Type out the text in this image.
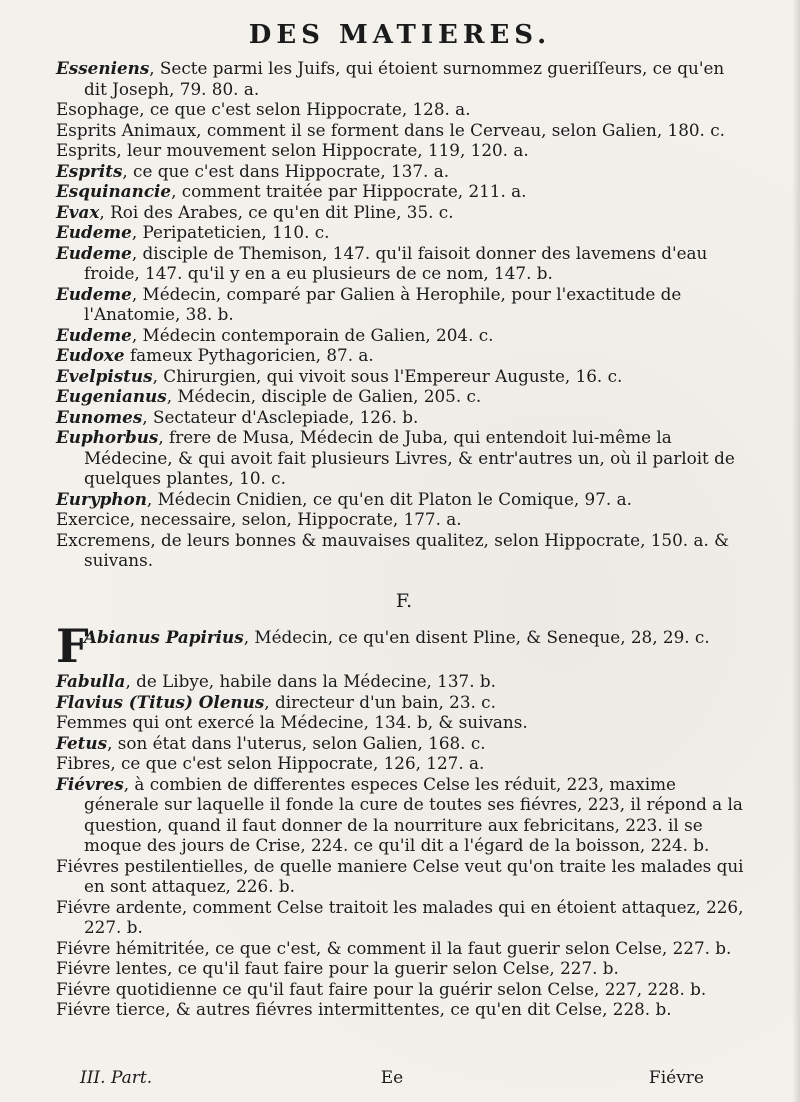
DES MATIERES.

Esseniens, Secte parmi les Juifs, qui étoient surnommez gueriſſeurs, ce qu'en dit Joseph, 79. 80. a.

Esophage, ce que c'est selon Hippocrate, 128. a.

Esprits Animaux, comment il se forment dans le Cerveau, selon Galien, 180. c.

Esprits, leur mouvement selon Hippocrate, 119, 120. a.

Esprits, ce que c'est dans Hippocrate, 137. a.

Esquinancie, comment traitée par Hippocrate, 211. a.

Evax, Roi des Arabes, ce qu'en dit Pline, 35. c.

Eudeme, Peripateticien, 110. c.

Eudeme, disciple de Themison, 147. qu'il faisoit donner des lavemens d'eau froide, 147. qu'il y en a eu plusieurs de ce nom, 147. b.

Eudeme, Médecin, comparé par Galien à Herophile, pour l'exactitude de l'Anatomie, 38. b.

Eudeme, Médecin contemporain de Galien, 204. c.

Eudoxe fameux Pythagoricien, 87. a.

Evelpistus, Chirurgien, qui vivoit sous l'Empereur Auguste, 16. c.

Eugenianus, Médecin, disciple de Galien, 205. c.

Eunomes, Sectateur d'Asclepiade, 126. b.

Euphorbus, frere de Musa, Médecin de Juba, qui entendoit lui-même la Médecine, & qui avoit fait plusieurs Livres, & entr'autres un, où il parloit de quelques plantes, 10. c.

Euryphon, Médecin Cnidien, ce qu'en dit Platon le Comique, 97. a.

Exercice, necessaire, selon, Hippocrate, 177. a.

Excremens, de leurs bonnes & mauvaises qualitez, selon Hippocrate, 150. a. & suivans.

F.
F
Abianus Papirius, Médecin, ce qu'en disent Pline, & Seneque, 28, 29. c.

Fabulla, de Libye, habile dans la Médecine, 137. b.

Flavius (Titus) Olenus, directeur d'un bain, 23. c.

Femmes qui ont exercé la Médecine, 134. b, & suivans.

Fetus, son état dans l'uterus, selon Galien, 168. c.

Fibres, ce que c'est selon Hippocrate, 126, 127. a.

Fiévres, à combien de differentes especes Celse les réduit, 223, maxime génerale sur laquelle il fonde la cure de toutes ses fiévres, 223, il répond a la question, quand il faut donner de la nourriture aux febricitans, 223. il se moque des jours de Crise, 224. ce qu'il dit a l'égard de la boisson, 224. b.

Fiévres pestilentielles, de quelle maniere Celse veut qu'on traite les malades qui en sont attaquez, 226. b.

Fiévre ardente, comment Celse traitoit les malades qui en étoient attaquez, 226, 227. b.

Fiévre hémitritée, ce que c'est, & comment il la faut guerir selon Celse, 227. b.

Fiévre lentes, ce qu'il faut faire pour la guerir selon Celse, 227. b.

Fiévre quotidienne ce qu'il faut faire pour la guérir selon Celse, 227, 228. b.

Fiévre tierce, & autres fiévres intermittentes, ce qu'en dit Celse, 228. b.

III. Part.	Ee	Fiévre
